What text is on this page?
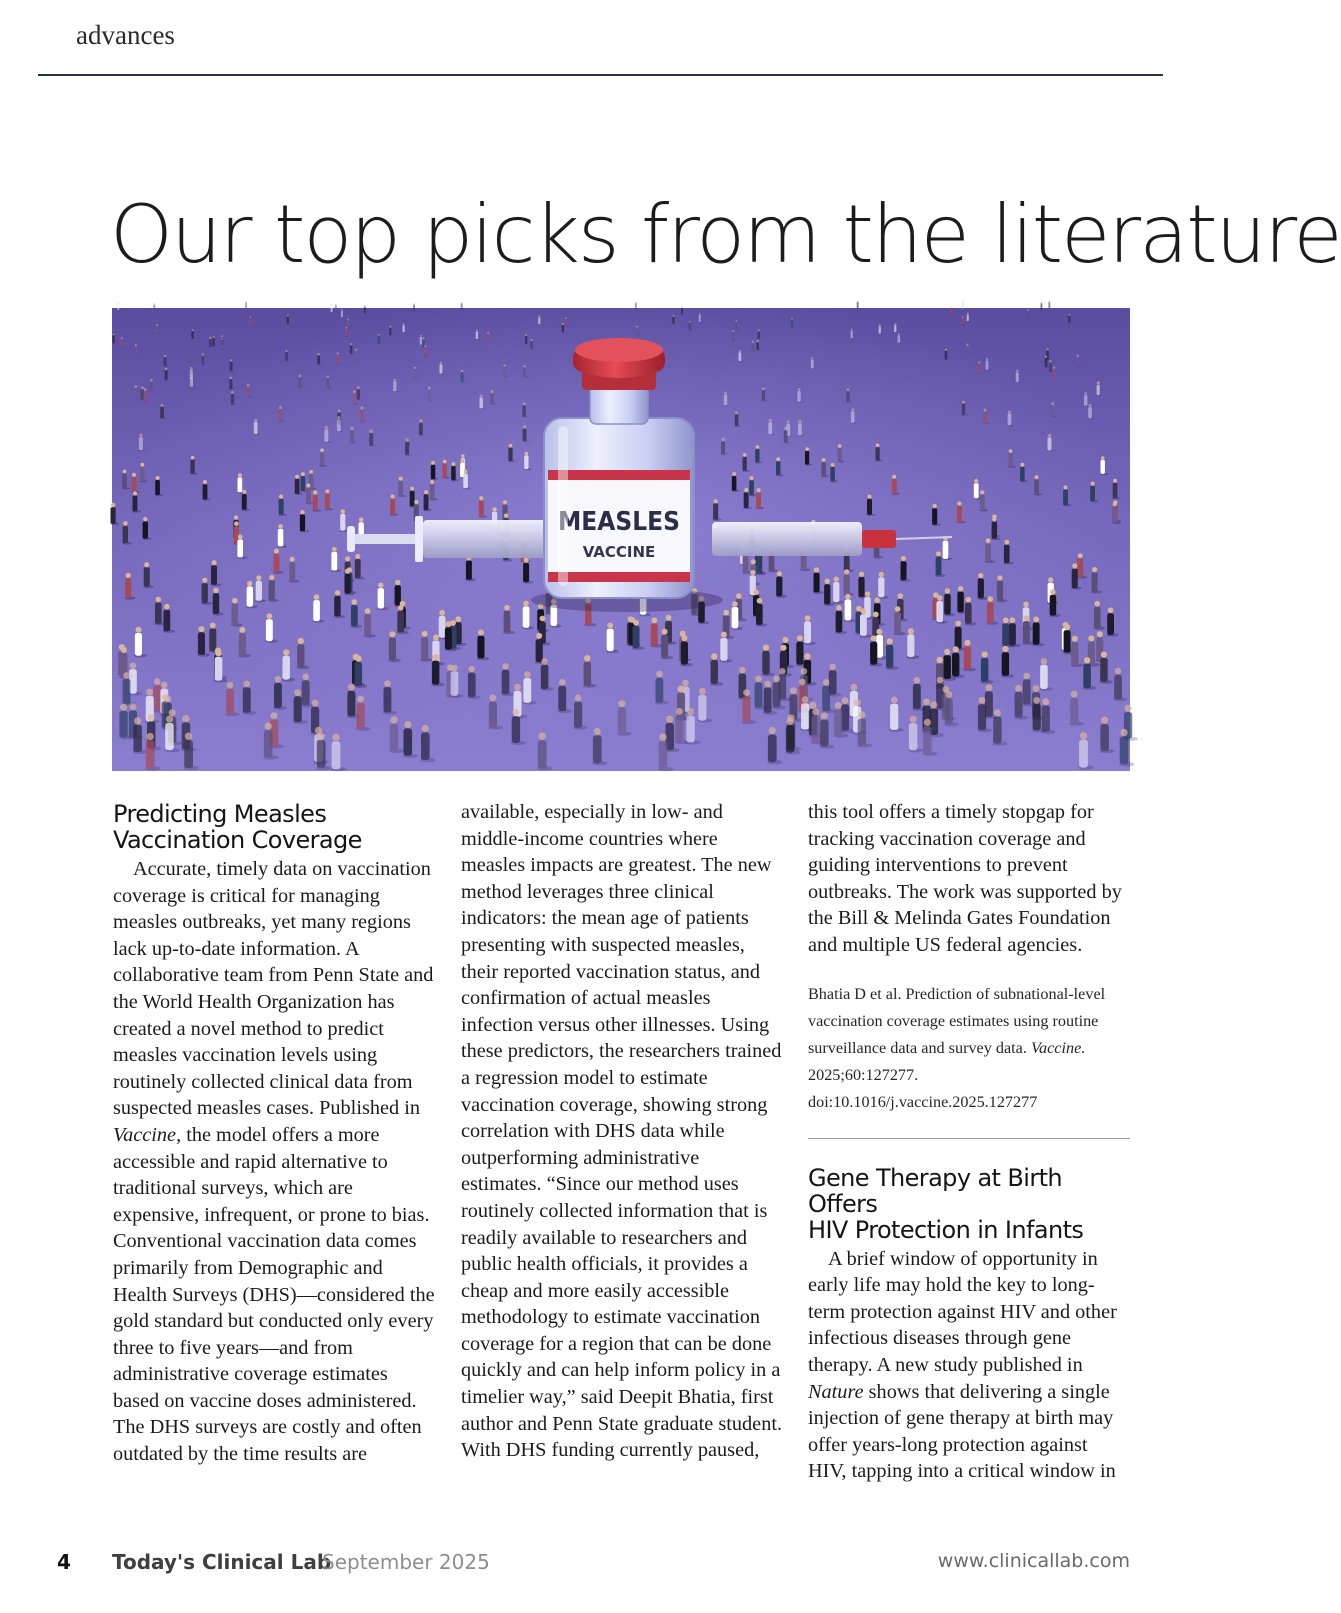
advances
Our top picks from the literature
MEASLES
VACCINE
Predicting Measles
Vaccination Coverage

Accurate, timely data on vaccination coverage is critical for managing measles outbreaks, yet many regions lack up-to-date information. A collaborative team from Penn State and the World Health Organization has created a novel method to predict measles vaccination levels using routinely collected clinical data from suspected measles cases. Published in Vaccine, the model offers a more accessible and rapid alternative to traditional surveys, which are expensive, infrequent, or prone to bias. Conventional vaccination data comes primarily from Demographic and Health Surveys (DHS)—considered the gold standard but conducted only every three to five years—and from administrative coverage estimates based on vaccine doses administered. The DHS surveys are costly and often outdated by the time results are

available, especially in low- and middle-income countries where measles impacts are greatest. The new method leverages three clinical indicators: the mean age of patients presenting with suspected measles, their reported vaccination status, and confirmation of actual measles infection versus other illnesses. Using these predictors, the researchers trained a regression model to estimate vaccination coverage, showing strong correlation with DHS data while outperforming administrative estimates. “Since our method uses routinely collected information that is readily available to researchers and public health officials, it provides a cheap and more easily accessible methodology to estimate vaccination coverage for a region that can be done quickly and can help inform policy in a timelier way,” said Deepit Bhatia, first author and Penn State graduate student. With DHS funding currently paused,

this tool offers a timely stopgap for tracking vaccination coverage and guiding interventions to prevent outbreaks. The work was supported by the Bill & Melinda Gates Foundation and multiple US federal agencies.

Bhatia D et al. Prediction of subnational-level vaccination coverage estimates using routine surveillance data and survey data. Vaccine. 2025;60:127277. doi:10.1016/j.vaccine.2025.127277

Gene Therapy at Birth Offers
HIV Protection in Infants

A brief window of opportunity in early life may hold the key to long-term protection against HIV and other infectious diseases through gene therapy. A new study published in Nature shows that delivering a single injection of gene therapy at birth may offer years-long protection against HIV, tapping into a critical window in

4 Today's Clinical Lab
September 2025	www.clinicallab.com
